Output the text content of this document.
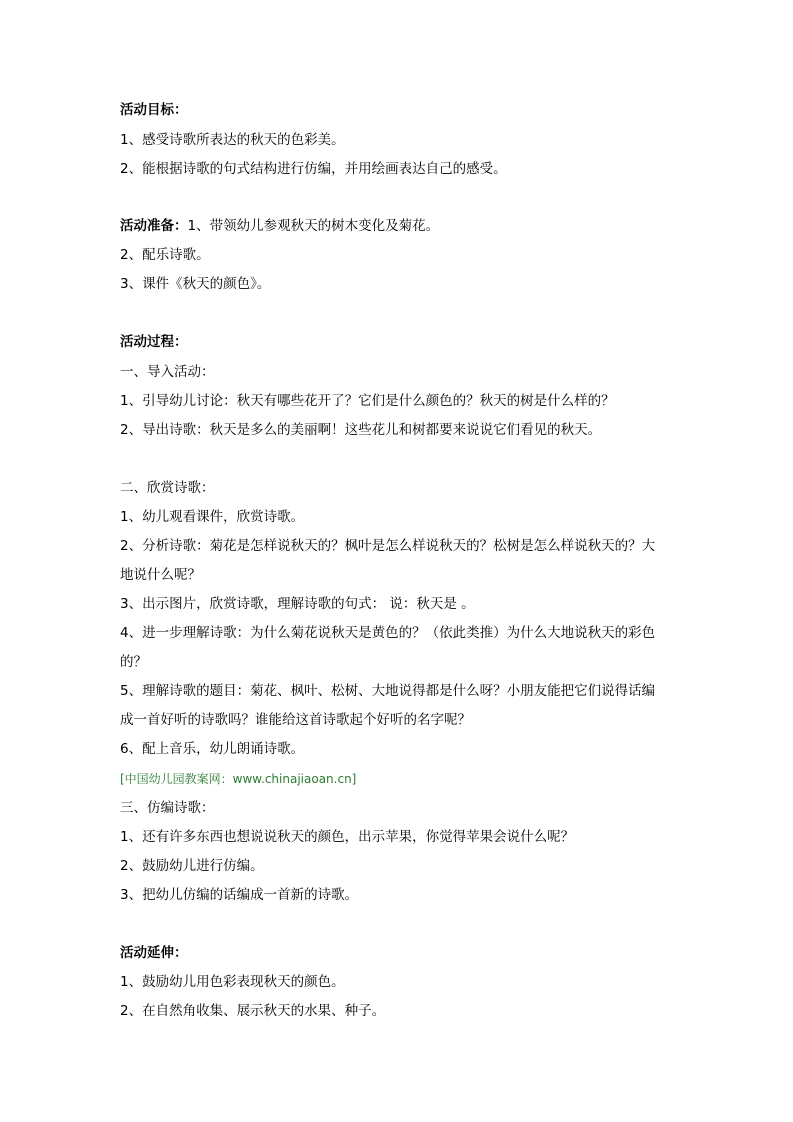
活动目标：
1、感受诗歌所表达的秋天的色彩美。
2、能根据诗歌的句式结构进行仿编，并用绘画表达自己的感受。
活动准备：1、带领幼儿参观秋天的树木变化及菊花。
2、配乐诗歌。
3、课件《秋天的颜色》。
活动过程：
一、导入活动：
1、引导幼儿讨论：秋天有哪些花开了？它们是什么颜色的？秋天的树是什么样的？
2、导出诗歌：秋天是多么的美丽啊！这些花儿和树都要来说说它们看见的秋天。
二、欣赏诗歌：
1、幼儿观看课件，欣赏诗歌。
2、分析诗歌：菊花是怎样说秋天的？枫叶是怎么样说秋天的？松树是怎么样说秋天的？大
地说什么呢？
3、出示图片，欣赏诗歌，理解诗歌的句式： 说：秋天是 。
4、进一步理解诗歌：为什么菊花说秋天是黄色的？（依此类推）为什么大地说秋天的彩色
的？
5、理解诗歌的题目：菊花、枫叶、松树、大地说得都是什么呀？小朋友能把它们说得话编
成一首好听的诗歌吗？谁能给这首诗歌起个好听的名字呢？
6、配上音乐，幼儿朗诵诗歌。
[中国幼儿园教案网：www.chinajiaoan.cn]
三、仿编诗歌：
1、还有许多东西也想说说秋天的颜色，出示苹果，你觉得苹果会说什么呢？
2、鼓励幼儿进行仿编。
3、把幼儿仿编的话编成一首新的诗歌。
活动延伸：
1、鼓励幼儿用色彩表现秋天的颜色。
2、在自然角收集、展示秋天的水果、种子。
